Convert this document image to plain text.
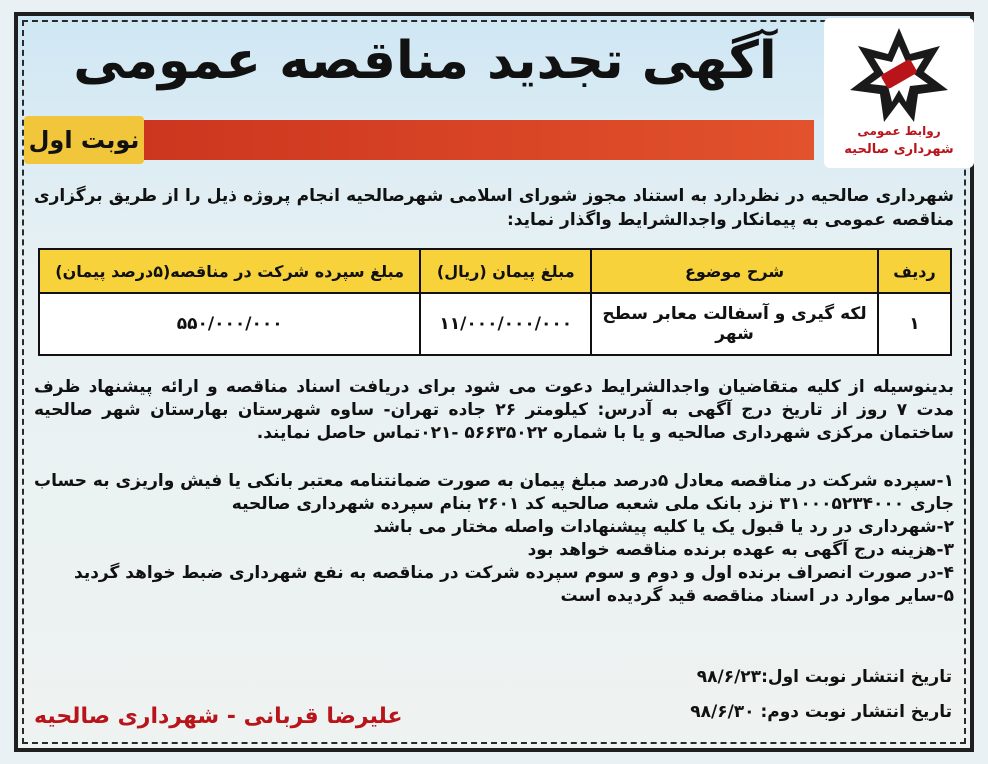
روابط عمومی
شهرداری صالحیه
آگهی تجدید مناقصه عمومی
نوبت اول
شهرداری صالحیه در نظردارد به استناد مجوز شورای اسلامی شهرصالحیه انجام پروژه ذیل را از طریق برگزاری مناقصه عمومی به پیمانکار واجدالشرایط واگذار نماید:
ردیف	شرح موضوع	مبلغ پیمان (ریال)	مبلغ سپرده شرکت در مناقصه(۵درصد پیمان)
۱	لکه گیری و آسفالت معابر سطح شهر	۱۱/۰۰۰/۰۰۰/۰۰۰	۵۵۰/۰۰۰/۰۰۰

بدینوسیله از کلیه متقاضیان واجدالشرایط دعوت می شود برای دریافت اسناد مناقصه و ارائه پیشنهاد ظرف مدت ۷ روز از تاریخ درج آگهی به آدرس: کیلومتر ۲۶ جاده تهران- ساوه شهرستان بهارستان شهر صالحیه ساختمان مرکزی شهرداری صالحیه و یا با شماره ۵۶۶۳۵۰۲۲ -۰۲۱تماس حاصل نمایند.

۱-سپرده شرکت در مناقصه معادل ۵درصد مبلغ پیمان به صورت ضمانتنامه معتبر بانکی یا فیش واریزی به حساب جاری ۳۱۰۰۰۵۲۳۴۰۰۰ نزد بانک ملی شعبه صالحیه کد ۲۶۰۱ بنام سپرده شهرداری صالحیه

۲-شهرداری در رد یا قبول یک یا کلیه پیشنهادات واصله مختار می باشد

۳-هزینه درج آگهی به عهده برنده مناقصه خواهد بود

۴-در صورت انصراف برنده اول و دوم و سوم سپرده شرکت در مناقصه به نفع شهرداری ضبط خواهد گردید

۵-سایر موارد در اسناد مناقصه قید گردیده است

تاریخ انتشار نوبت اول:۹۸/۶/۲۳

تاریخ انتشار نوبت دوم: ۹۸/۶/۳۰

علیرضا قربانی - شهرداری صالحیه
